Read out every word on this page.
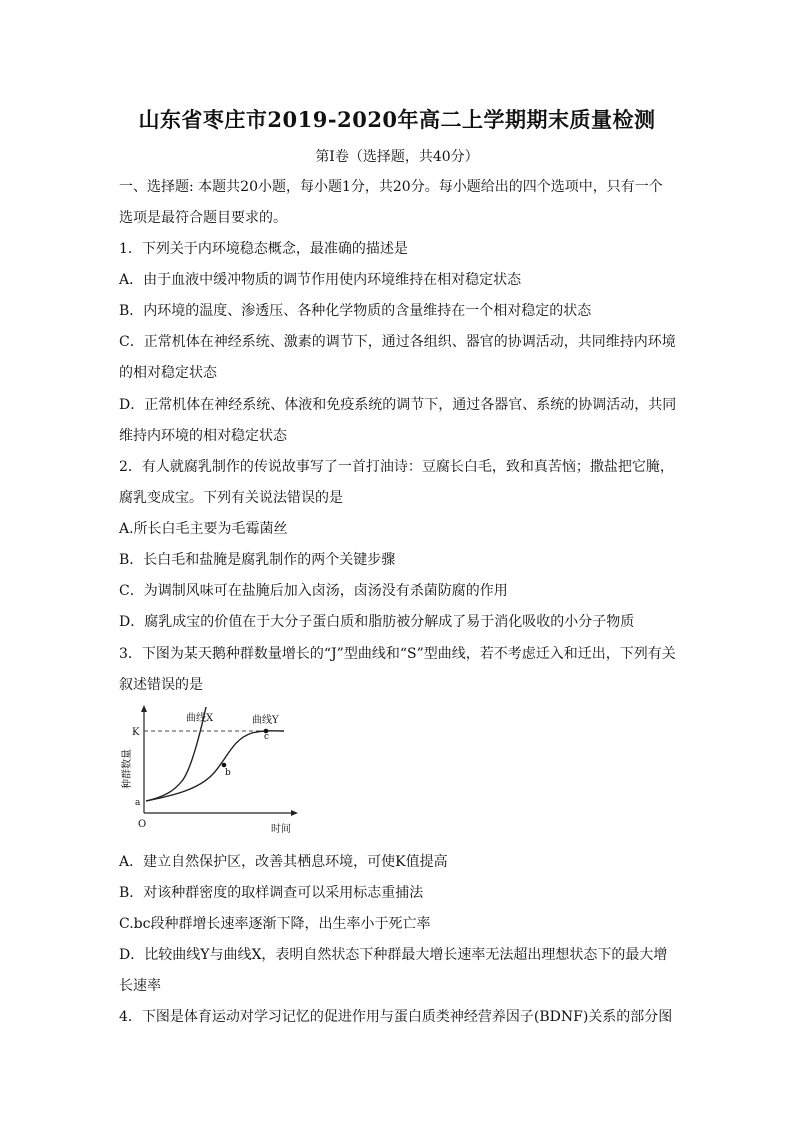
山东省枣庄市2019-2020年高二上学期期末质量检测
第Ⅰ卷（选择题，共40分）
一、选择题: 本题共20小题，每小题1分，共20分。每小题给出的四个选项中，只有一个
选项是最符合题目要求的。
1．下列关于内环境稳态概念，最准确的描述是
A．由于血液中缓冲物质的调节作用使内环境维持在相对稳定状态
B．内环境的温度、渗透压、各种化学物质的含量维持在一个相对稳定的状态
C．正常机体在神经系统、激素的调节下，通过各组织、器官的协调活动，共同维持内环境
的相对稳定状态
D．正常机体在神经系统、体液和免疫系统的调节下，通过各器官、系统的协调活动，共同
维持内环境的相对稳定状态
2．有人就腐乳制作的传说故事写了一首打油诗：豆腐长白毛，致和真苦恼；撒盐把它腌，
腐乳变成宝。下列有关说法错误的是
A.所长白毛主要为毛霉菌丝
B．长白毛和盐腌是腐乳制作的两个关键步骤
C．为调制风味可在盐腌后加入卤汤，卤汤没有杀菌防腐的作用
D．腐乳成宝的价值在于大分子蛋白质和脂肪被分解成了易于消化吸收的小分子物质
3．下图为某天鹅种群数量增长的“J”型曲线和“S”型曲线，若不考虑迁入和迁出，下列有关
叙述错误的是
曲线X	曲线Y
K
a
b
c
O	时间
种群数量
A．建立自然保护区，改善其栖息环境，可使K值提高
B．对该种群密度的取样调查可以采用标志重捕法
C.bc段种群增长速率逐渐下降，出生率小于死亡率
D．比较曲线Y与曲线X，表明自然状态下种群最大增长速率无法超出理想状态下的最大增
长速率
4．下图是体育运动对学习记忆的促进作用与蛋白质类神经营养因子(BDNF)关系的部分图
